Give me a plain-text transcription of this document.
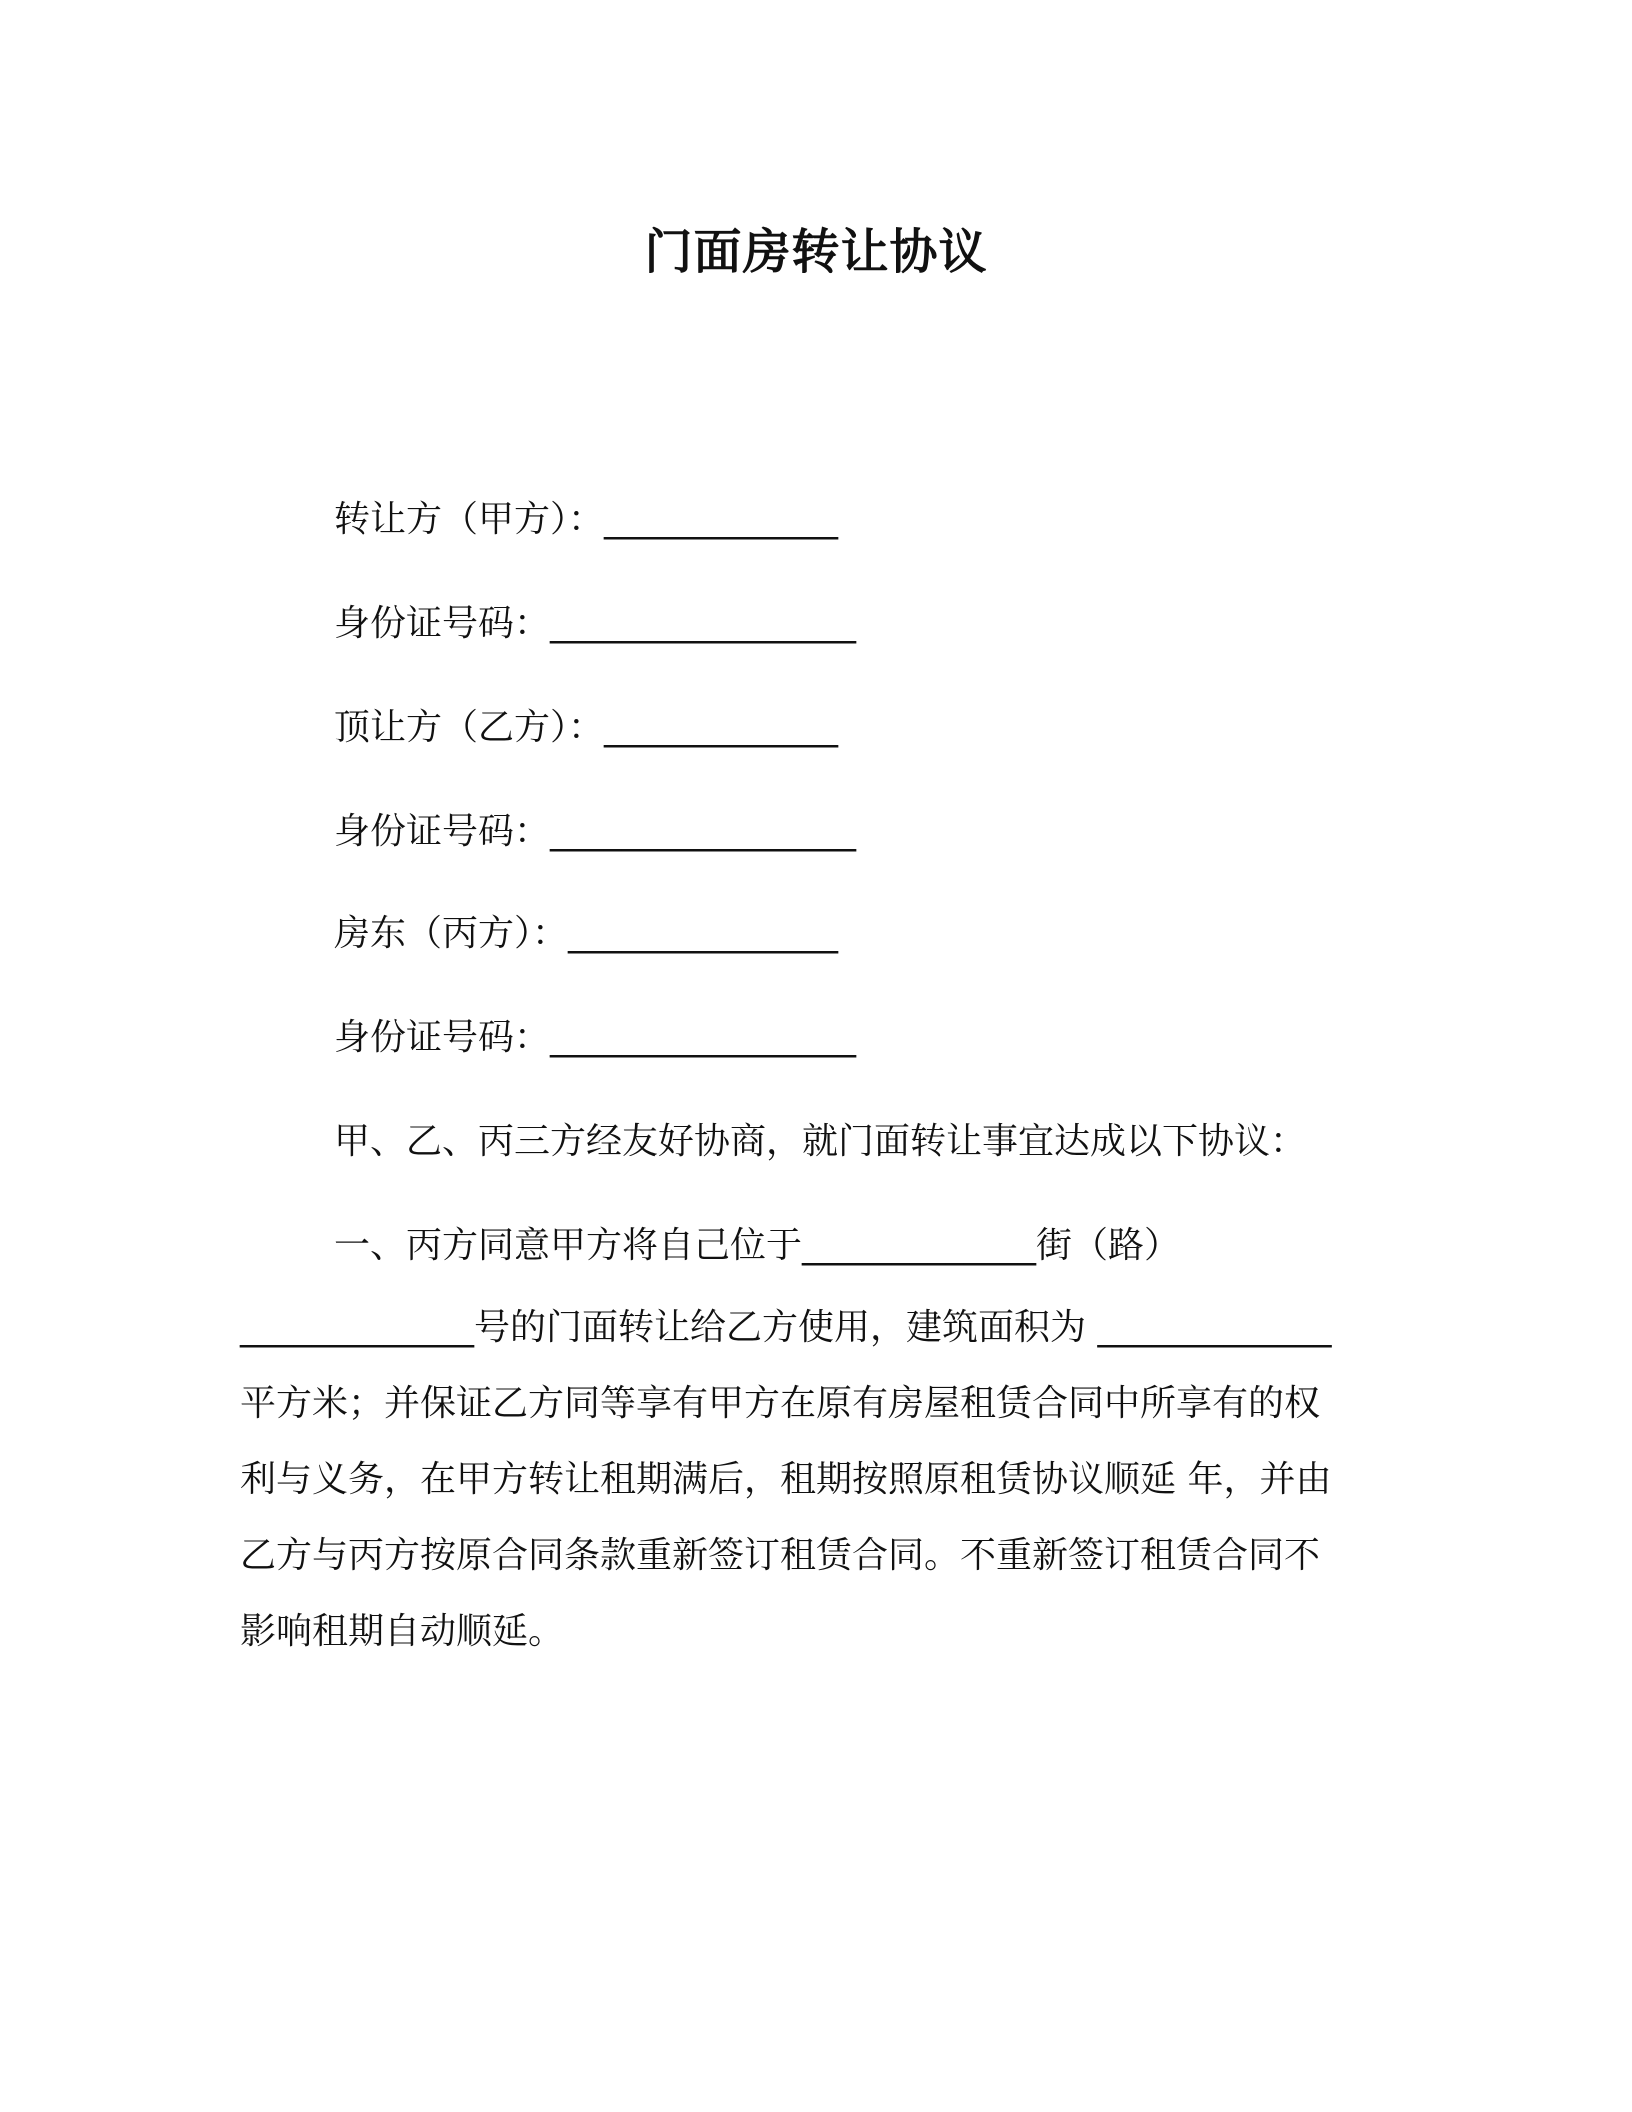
门面房转让协议
转让方（甲方）：_____________
身份证号码：_________________
顶让方（乙方）：_____________
身份证号码：_________________
房东（丙方）：_______________
身份证号码：_________________
甲、乙、丙三方经友好协商，就门面转让事宜达成以下协议：
一、丙方同意甲方将自己位于_____________街（路）
_____________号的门面转让给乙方使用，建筑面积为 _____________
平方米；并保证乙方同等享有甲方在原有房屋租赁合同中所享有的权
利与义务，在甲方转让租期满后，租期按照原租赁协议顺延 年，并由
乙方与丙方按原合同条款重新签订租赁合同。不重新签订租赁合同不
影响租期自动顺延。
